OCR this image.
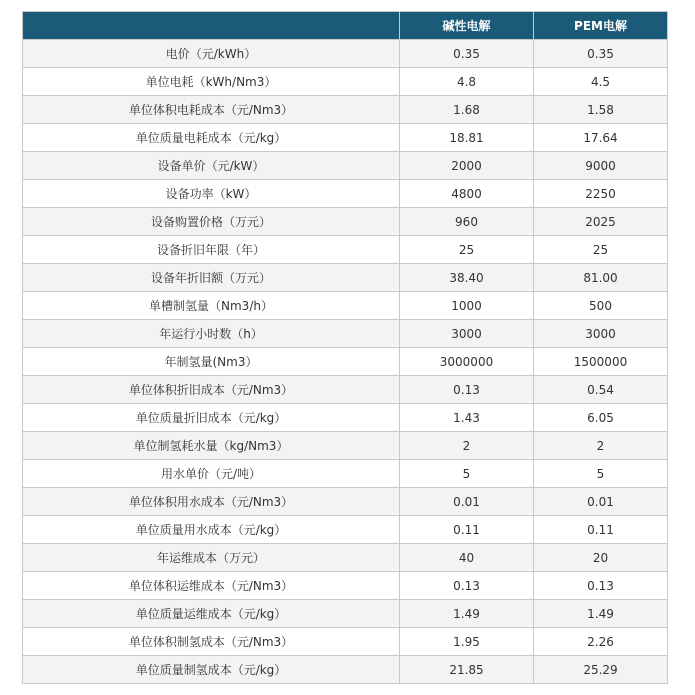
	碱性电解	PEM电解
电价（元/kWh）	0.35	0.35
单位电耗（kWh/Nm3）	4.8	4.5
单位体积电耗成本（元/Nm3）	1.68	1.58
单位质量电耗成本（元/kg）	18.81	17.64
设备单价（元/kW）	2000	9000
设备功率（kW）	4800	2250
设备购置价格（万元）	960	2025
设备折旧年限（年）	25	25
设备年折旧额（万元）	38.40	81.00
单槽制氢量（Nm3/h）	1000	500
年运行小时数（h）	3000	3000
年制氢量(Nm3）	3000000	1500000
单位体积折旧成本（元/Nm3）	0.13	0.54
单位质量折旧成本（元/kg）	1.43	6.05
单位制氢耗水量（kg/Nm3）	2	2
用水单价（元/吨）	5	5
单位体积用水成本（元/Nm3）	0.01	0.01
单位质量用水成本（元/kg）	0.11	0.11
年运维成本（万元）	40	20
单位体积运维成本（元/Nm3）	0.13	0.13
单位质量运维成本（元/kg）	1.49	1.49
单位体积制氢成本（元/Nm3）	1.95	2.26
单位质量制氢成本（元/kg）	21.85	25.29
